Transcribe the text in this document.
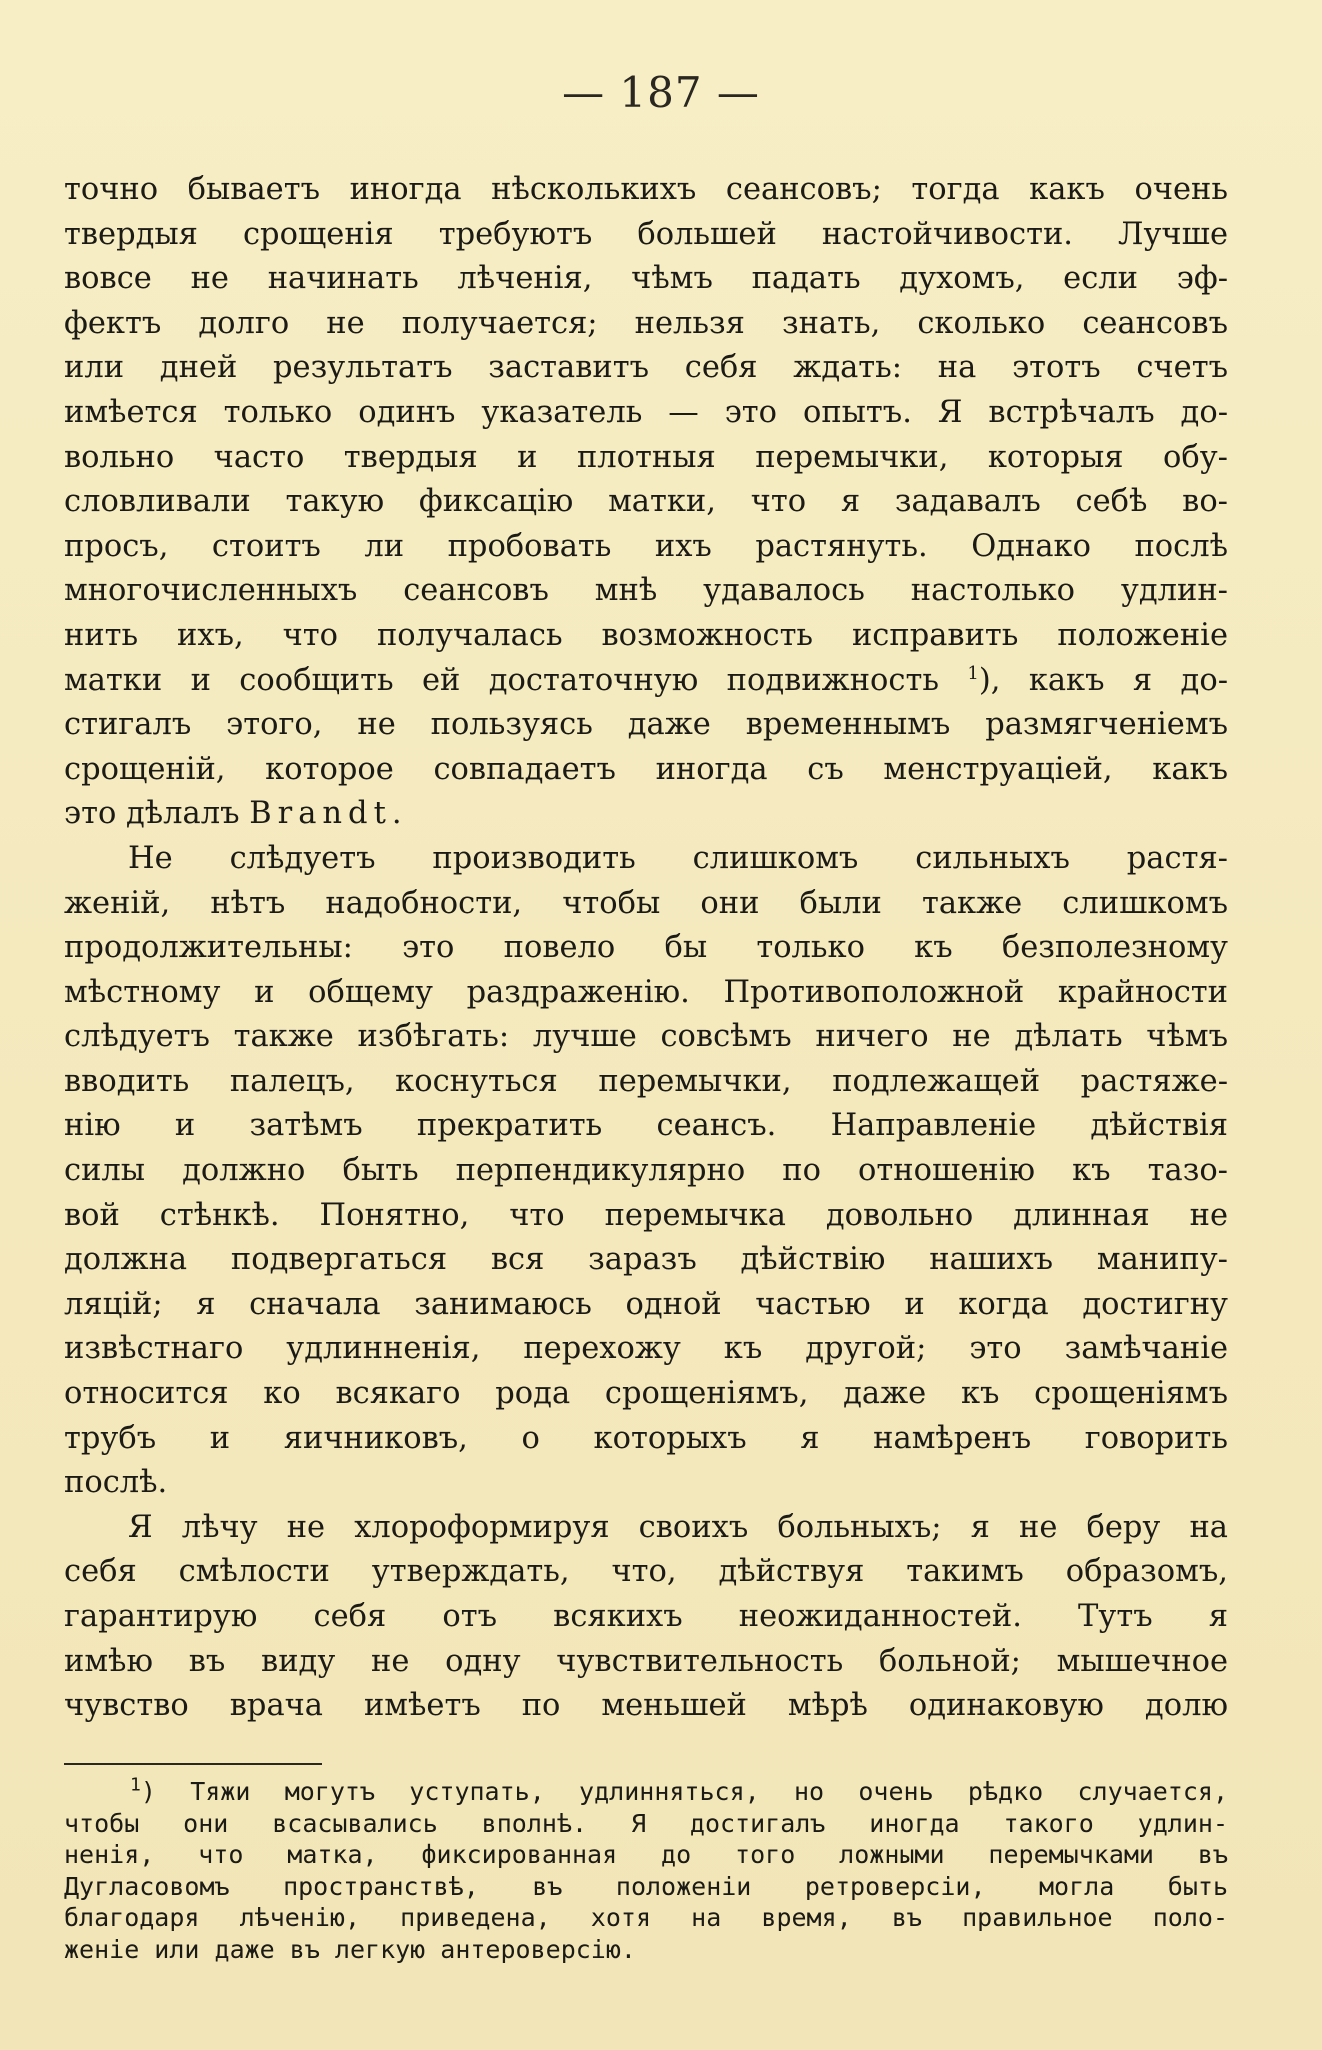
— 187 —

точно бываетъ иногда нѣсколькихъ сеансовъ; тогда какъ очень

твердыя срощенія требуютъ большей настойчивости. Лучше

вовсе не начинать лѣченія, чѣмъ падать духомъ, если эф-

фектъ долго не получается; нельзя знать, сколько сеансовъ

или дней результатъ заставитъ себя ждать: на этотъ счетъ

имѣется только одинъ указатель — это опытъ. Я встрѣчалъ до-

вольно часто твердыя и плотныя перемычки, которыя обу-

словливали такую фиксацію матки, что я задавалъ себѣ во-

просъ, стоитъ ли пробовать ихъ растянуть. Однако послѣ

многочисленныхъ сеансовъ мнѣ удавалось настолько удлин-

нить ихъ, что получалась возможность исправить положеніе

матки и сообщить ей достаточную подвижность $^1$), какъ я до-

стигалъ этого, не пользуясь даже временнымъ размягченіемъ

срощеній, которое совпадаетъ иногда съ менструаціей, какъ

это дѣлалъ Brandt.

Не слѣдуетъ производить слишкомъ сильныхъ растя-

женій, нѣтъ надобности, чтобы они были также слишкомъ

продолжительны: это повело бы только къ безполезному

мѣстному и общему раздраженію. Противоположной крайности

слѣдуетъ также избѣгать: лучше совсѣмъ ничего не дѣлать чѣмъ

вводить палецъ, коснуться перемычки, подлежащей растяже-

нію и затѣмъ прекратить сеансъ. Направленіе дѣйствія

силы должно быть перпендикулярно по отношенію къ тазо-

вой стѣнкѣ. Понятно, что перемычка довольно длинная не

должна подвергаться вся заразъ дѣйствію нашихъ манипу-

ляцій; я сначала занимаюсь одной частью и когда достигну

извѣстнаго удлинненія, перехожу къ другой; это замѣчаніе

относится ко всякаго рода срощеніямъ, даже къ срощеніямъ

трубъ и яичниковъ, о которыхъ я намѣренъ говорить

послѣ.

Я лѣчу не хлороформируя своихъ больныхъ; я не беру на

себя смѣлости утверждать, что, дѣйствуя такимъ образомъ,

гарантирую себя отъ всякихъ неожиданностей. Тутъ я

имѣю въ виду не одну чувствительность больной; мышечное

чувство врача имѣетъ по меньшей мѣрѣ одинаковую долю

$^1$) Тяжи могутъ уступать, удлинняться, но очень рѣдко случается,

чтобы они всасывались вполнѣ. Я достигалъ иногда такого удлин-

ненія, что матка, фиксированная до того ложными перемычками въ

Дугласовомъ пространствѣ, въ положеніи ретроверсіи, могла быть

благодаря лѣченію, приведена, хотя на время, въ правильное поло-

женіе или даже въ легкую антероверсію.
